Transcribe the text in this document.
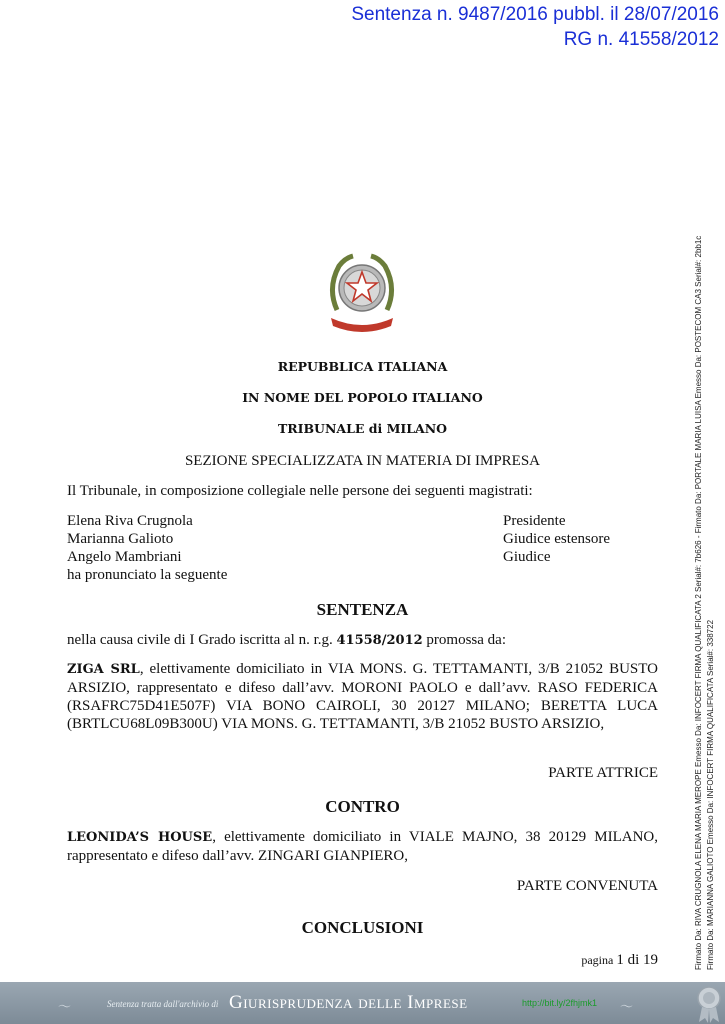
Sentenza n. 9487/2016 pubbl. il 28/07/2016
RG n. 41558/2012
REPUBBLICA ITALIANA
IN NOME DEL POPOLO ITALIANO
TRIBUNALE di MILANO
SEZIONE SPECIALIZZATA IN MATERIA DI IMPRESA
Il Tribunale, in composizione collegiale nelle persone dei seguenti magistrati:
Elena Riva Crugnola	Presidente
Marianna Galioto	Giudice estensore
Angelo Mambriani	Giudice
ha pronunciato la seguente
SENTENZA
nella causa civile di I Grado iscritta al n. r.g. 41558/2012 promossa da:
ZIGA SRL, elettivamente domiciliato in VIA MONS. G. TETTAMANTI, 3/B 21052 BUSTO ARSIZIO, rappresentato e difeso dall’avv. MORONI PAOLO e dall’avv. RASO FEDERICA (RSAFRC75D41E507F) VIA BONO CAIROLI, 30 20127 MILANO; BERETTA LUCA (BRTLCU68L09B300U) VIA MONS. G. TETTAMANTI, 3/B 21052 BUSTO ARSIZIO,
PARTE ATTRICE
CONTRO
LEONIDA’S HOUSE, elettivamente domiciliato in VIALE MAJNO, 38 20129 MILANO, rappresentato e difeso dall’avv. ZINGARI GIANPIERO,
PARTE CONVENUTA
CONCLUSIONI
pagina 1 di 19	Firmato Da: RIVA CRUGNOLA ELENA MARIA MEROPE Emesso Da: INFOCERT FIRMA QUALIFICATA 2 Serial#: 7b626 - Firmato Da: PORTALE MARIA LUISA Emesso Da: POSTECOM CA3 Serial#: 2bb1c Firmato Da: MARIANNA GALIOTO Emesso Da: INFOCERT FIRMA QUALIFICATA Serial#: 338722
〜	Sentenza tratta dall'archivio di Giurisprudenza delle Imprese	http://bit.ly/2fhjmk1 〜
